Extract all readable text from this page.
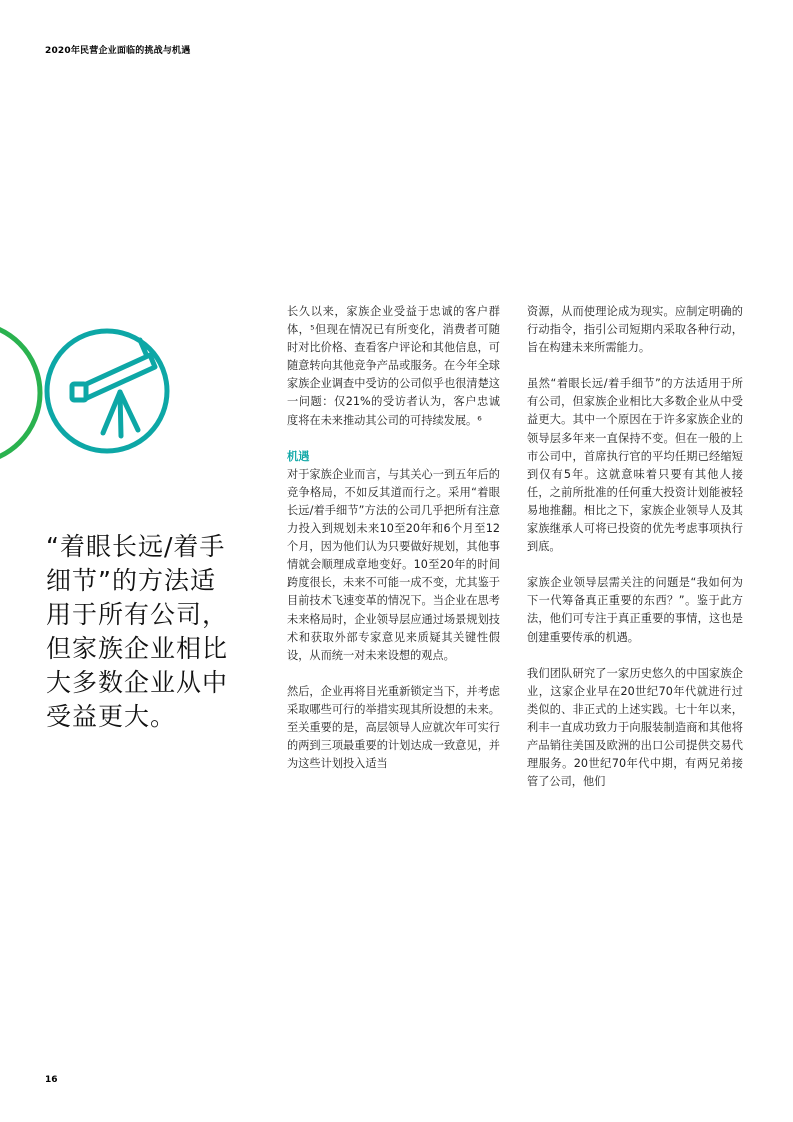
2020年民营企业面临的挑战与机遇

“着眼长远/着手

细节”的方法适

用于所有公司，

但家族企业相比

大多数企业从中

受益更大。

长久以来，家族企业受益于忠诚的客户群体，⁵但现在情况已有所变化，消费者可随时对比价格、查看客户评论和其他信息，可随意转向其他竞争产品或服务。在今年全球家族企业调查中受访的公司似乎也很清楚这一问题：仅21%的受访者认为，客户忠诚度将在未来推动其公司的可持续发展。⁶

机遇

对于家族企业而言，与其关心一到五年后的竞争格局，不如反其道而行之。采用“着眼长远/着手细节”方法的公司几乎把所有注意力投入到规划未来10至20年和6个月至12个月，因为他们认为只要做好规划，其他事情就会顺理成章地变好。10至20年的时间跨度很长，未来不可能一成不变，尤其鉴于目前技术飞速变革的情况下。当企业在思考未来格局时，企业领导层应通过场景规划技术和获取外部专家意见来质疑其关键性假设，从而统一对未来设想的观点。

然后，企业再将目光重新锁定当下，并考虑采取哪些可行的举措实现其所设想的未来。至关重要的是，高层领导人应就次年可实行的两到三项最重要的计划达成一致意见，并为这些计划投入适当

资源，从而使理论成为现实。应制定明确的行动指令，指引公司短期内采取各种行动，旨在构建未来所需能力。

虽然“着眼长远/着手细节”的方法适用于所有公司，但家族企业相比大多数企业从中受益更大。其中一个原因在于许多家族企业的领导层多年来一直保持不变。但在一般的上市公司中，首席执行官的平均任期已经缩短到仅有5年。这就意味着只要有其他人接任，之前所批准的任何重大投资计划能被轻易地推翻。相比之下，家族企业领导人及其家族继承人可将已投资的优先考虑事项执行到底。

家族企业领导层需关注的问题是“我如何为下一代筹备真正重要的东西？”。鉴于此方法，他们可专注于真正重要的事情，这也是创建重要传承的机遇。

我们团队研究了一家历史悠久的中国家族企业，这家企业早在20世纪70年代就进行过类似的、非正式的上述实践。七十年以来，利丰一直成功致力于向服装制造商和其他将产品销往美国及欧洲的出口公司提供交易代理服务。20世纪70年代中期，有两兄弟接管了公司，他们

16
